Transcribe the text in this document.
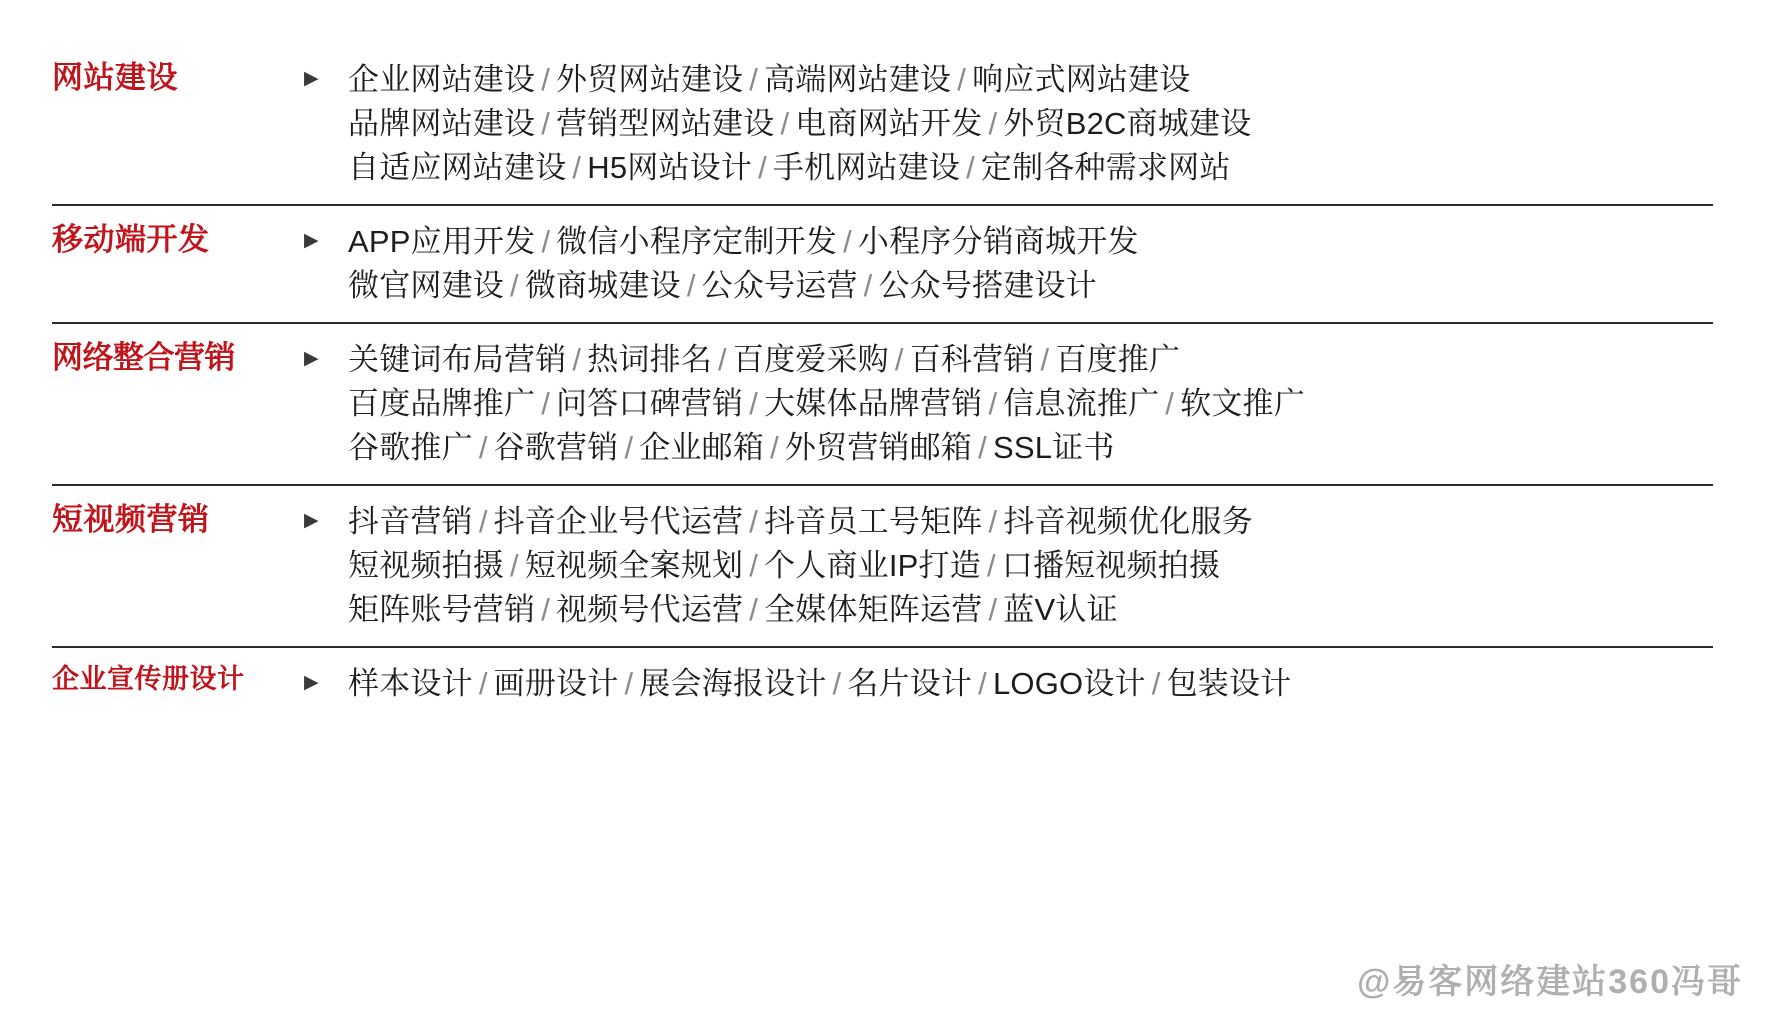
网站建设	▶ 企业网站建设 / 外贸网站建设 / 高端网站建设 / 响应式网站建设
品牌网站建设 / 营销型网站建设 / 电商网站开发 / 外贸B2C商城建设
自适应网站建设 / H5网站设计 / 手机网站建设 / 定制各种需求网站
移动端开发	▶ APP应用开发 / 微信小程序定制开发 / 小程序分销商城开发
微官网建设 / 微商城建设 / 公众号运营 / 公众号搭建设计
网络整合营销	▶ 关键词布局营销 / 热词排名 / 百度爱采购 / 百科营销 / 百度推广
百度品牌推广 / 问答口碑营销 / 大媒体品牌营销 / 信息流推广 / 软文推广
谷歌推广 / 谷歌营销 / 企业邮箱 / 外贸营销邮箱 / SSL证书
短视频营销	▶ 抖音营销 / 抖音企业号代运营 / 抖音员工号矩阵 / 抖音视频优化服务
短视频拍摄 / 短视频全案规划 / 个人商业IP打造 / 口播短视频拍摄
矩阵账号营销 / 视频号代运营 / 全媒体矩阵运营 / 蓝V认证
企业宣传册设计	▶ 样本设计 / 画册设计 / 展会海报设计 / 名片设计 / LOGO设计 / 包装设计
@易客网络建站360冯哥
